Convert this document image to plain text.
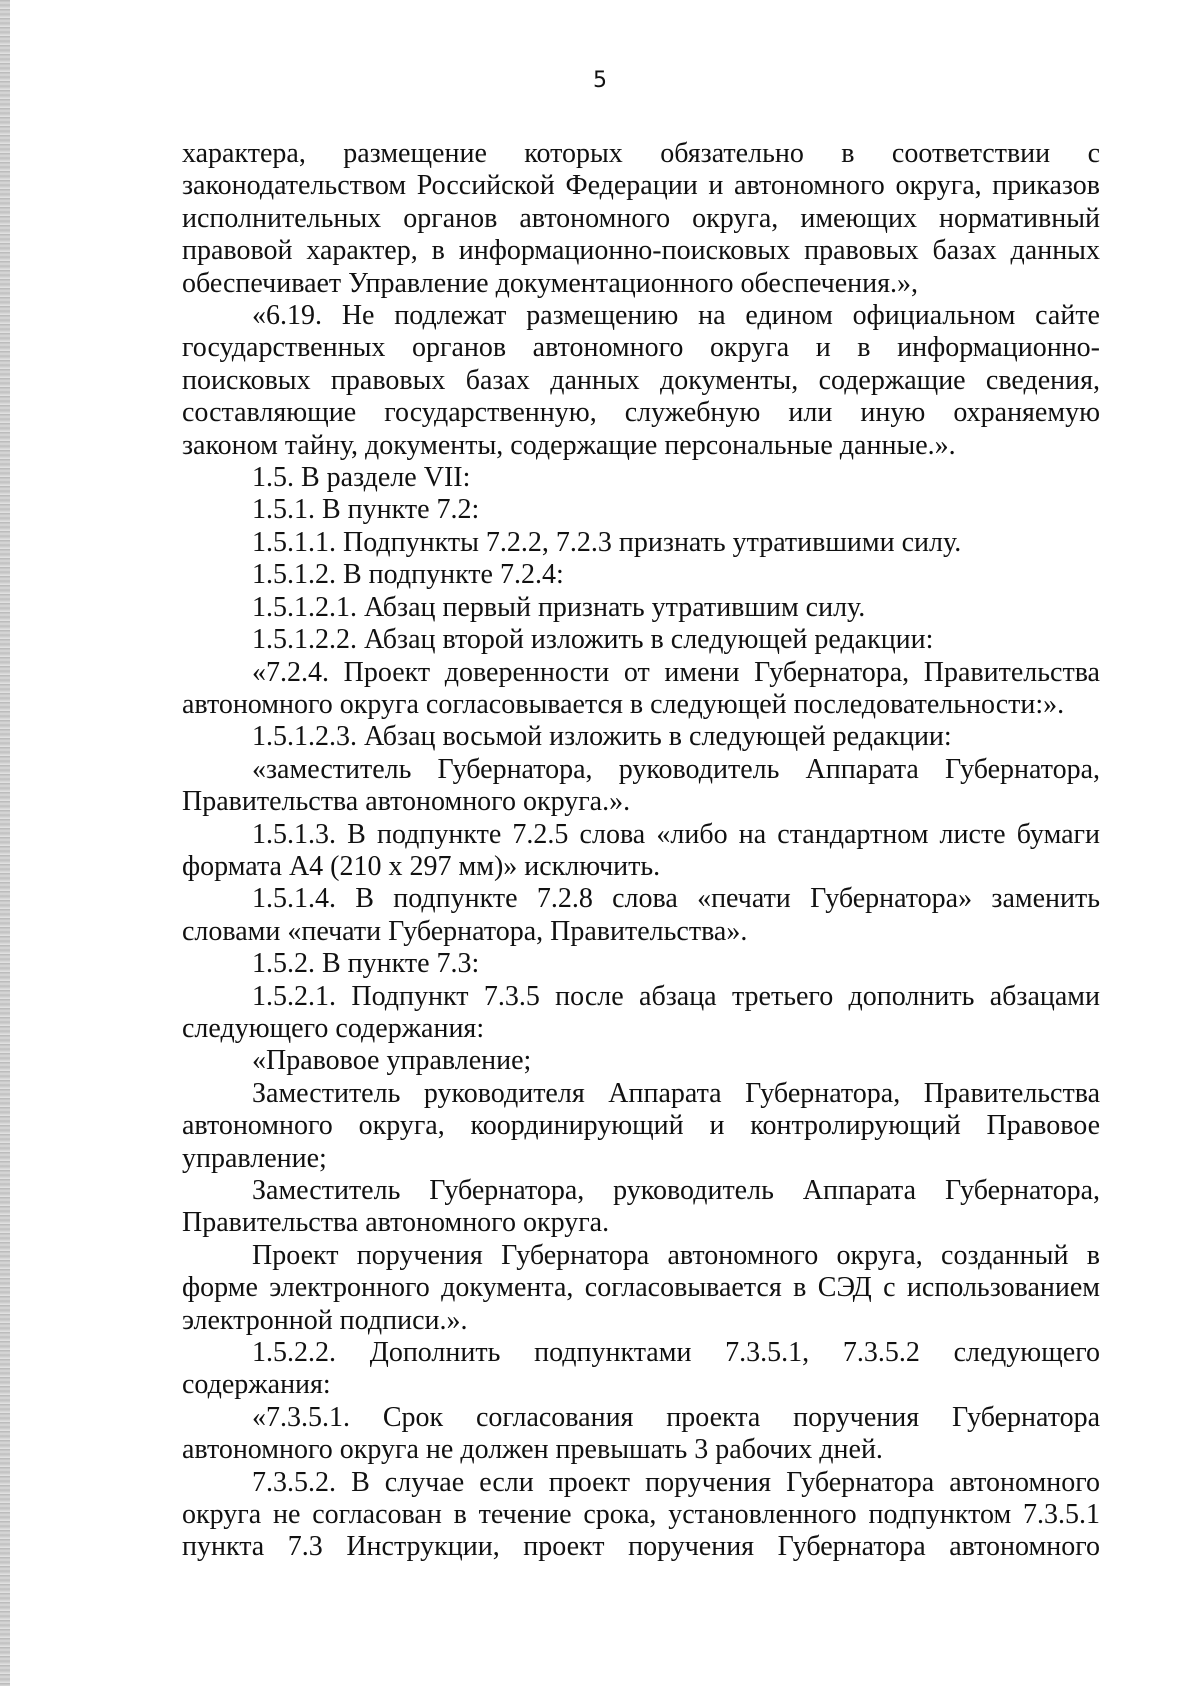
5
характера, размещение которых обязательно в соответствии с
законодательством Российской Федерации и автономного округа, приказов
исполнительных органов автономного округа, имеющих нормативный
правовой характер, в информационно-поисковых правовых базах данных
обеспечивает Управление документационного обеспечения.»,
«6.19. Не подлежат размещению на едином официальном сайте
государственных органов автономного округа и в информационно-
поисковых правовых базах данных документы, содержащие сведения,
составляющие государственную, служебную или иную охраняемую
законом тайну, документы, содержащие персональные данные.».
1.5. В разделе VII:
1.5.1. В пункте 7.2:
1.5.1.1. Подпункты 7.2.2, 7.2.3 признать утратившими силу.
1.5.1.2. В подпункте 7.2.4:
1.5.1.2.1. Абзац первый признать утратившим силу.
1.5.1.2.2. Абзац второй изложить в следующей редакции:
«7.2.4. Проект доверенности от имени Губернатора, Правительства
автономного округа согласовывается в следующей последовательности:».
1.5.1.2.3. Абзац восьмой изложить в следующей редакции:
«заместитель Губернатора, руководитель Аппарата Губернатора,
Правительства автономного округа.».
1.5.1.3. В подпункте 7.2.5 слова «либо на стандартном листе бумаги
формата А4 (210 х 297 мм)» исключить.
1.5.1.4. В подпункте 7.2.8 слова «печати Губернатора» заменить
словами «печати Губернатора, Правительства».
1.5.2. В пункте 7.3:
1.5.2.1. Подпункт 7.3.5 после абзаца третьего дополнить абзацами
следующего содержания:
«Правовое управление;
Заместитель руководителя Аппарата Губернатора, Правительства
автономного округа, координирующий и контролирующий Правовое
управление;
Заместитель Губернатора, руководитель Аппарата Губернатора,
Правительства автономного округа.
Проект поручения Губернатора автономного округа, созданный в
форме электронного документа, согласовывается в СЭД с использованием
электронной подписи.».
1.5.2.2. Дополнить подпунктами 7.3.5.1, 7.3.5.2 следующего
содержания:
«7.3.5.1. Срок согласования проекта поручения Губернатора
автономного округа не должен превышать 3 рабочих дней.
7.3.5.2. В случае если проект поручения Губернатора автономного
округа не согласован в течение срока, установленного подпунктом 7.3.5.1
пункта 7.3 Инструкции, проект поручения Губернатора автономного
